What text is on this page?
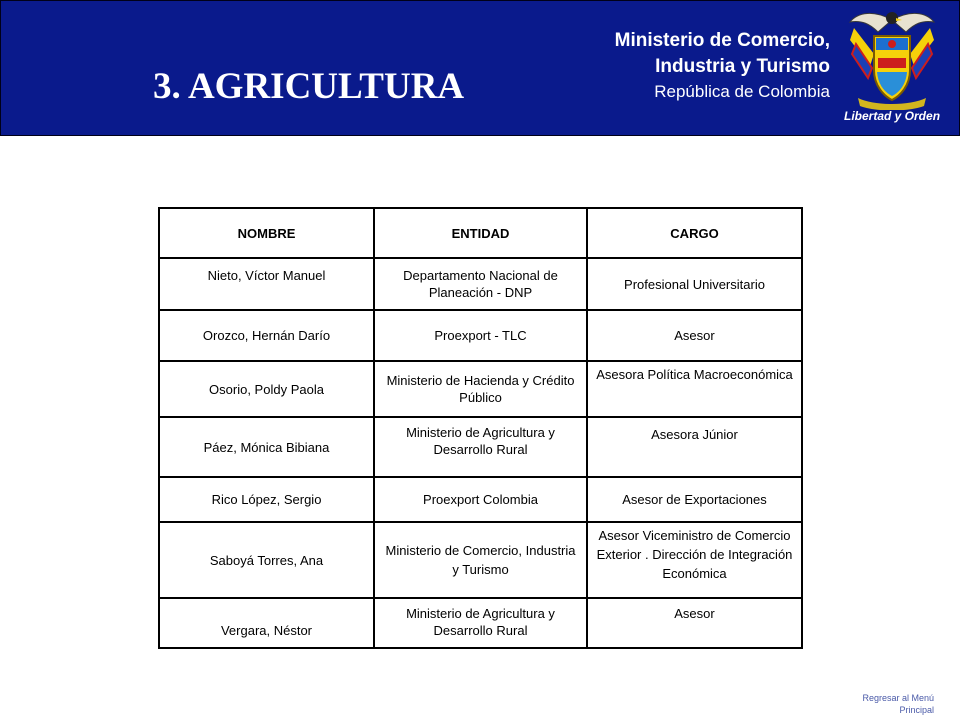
3. AGRICULTURA
Ministerio de Comercio,
Industria y Turismo
República de Colombia
Libertad y Orden
NOMBRE	ENTIDAD	CARGO
Nieto, Víctor Manuel	Departamento Nacional de Planeación - DNP	Profesional Universitario
Orozco, Hernán Darío	Proexport - TLC	Asesor
Osorio, Poldy Paola	Ministerio de Hacienda y Crédito Público	Asesora Política Macroeconómica
Páez, Mónica Bibiana	Ministerio de Agricultura y Desarrollo Rural	Asesora Júnior
Rico López, Sergio	Proexport Colombia	Asesor de Exportaciones
Saboyá Torres, Ana	Ministerio de Comercio, Industria y Turismo	Asesor Viceministro de Comercio Exterior . Dirección de Integración Económica
Vergara, Néstor	Ministerio de Agricultura y Desarrollo Rural	Asesor
Regresar al Menú
Principal
